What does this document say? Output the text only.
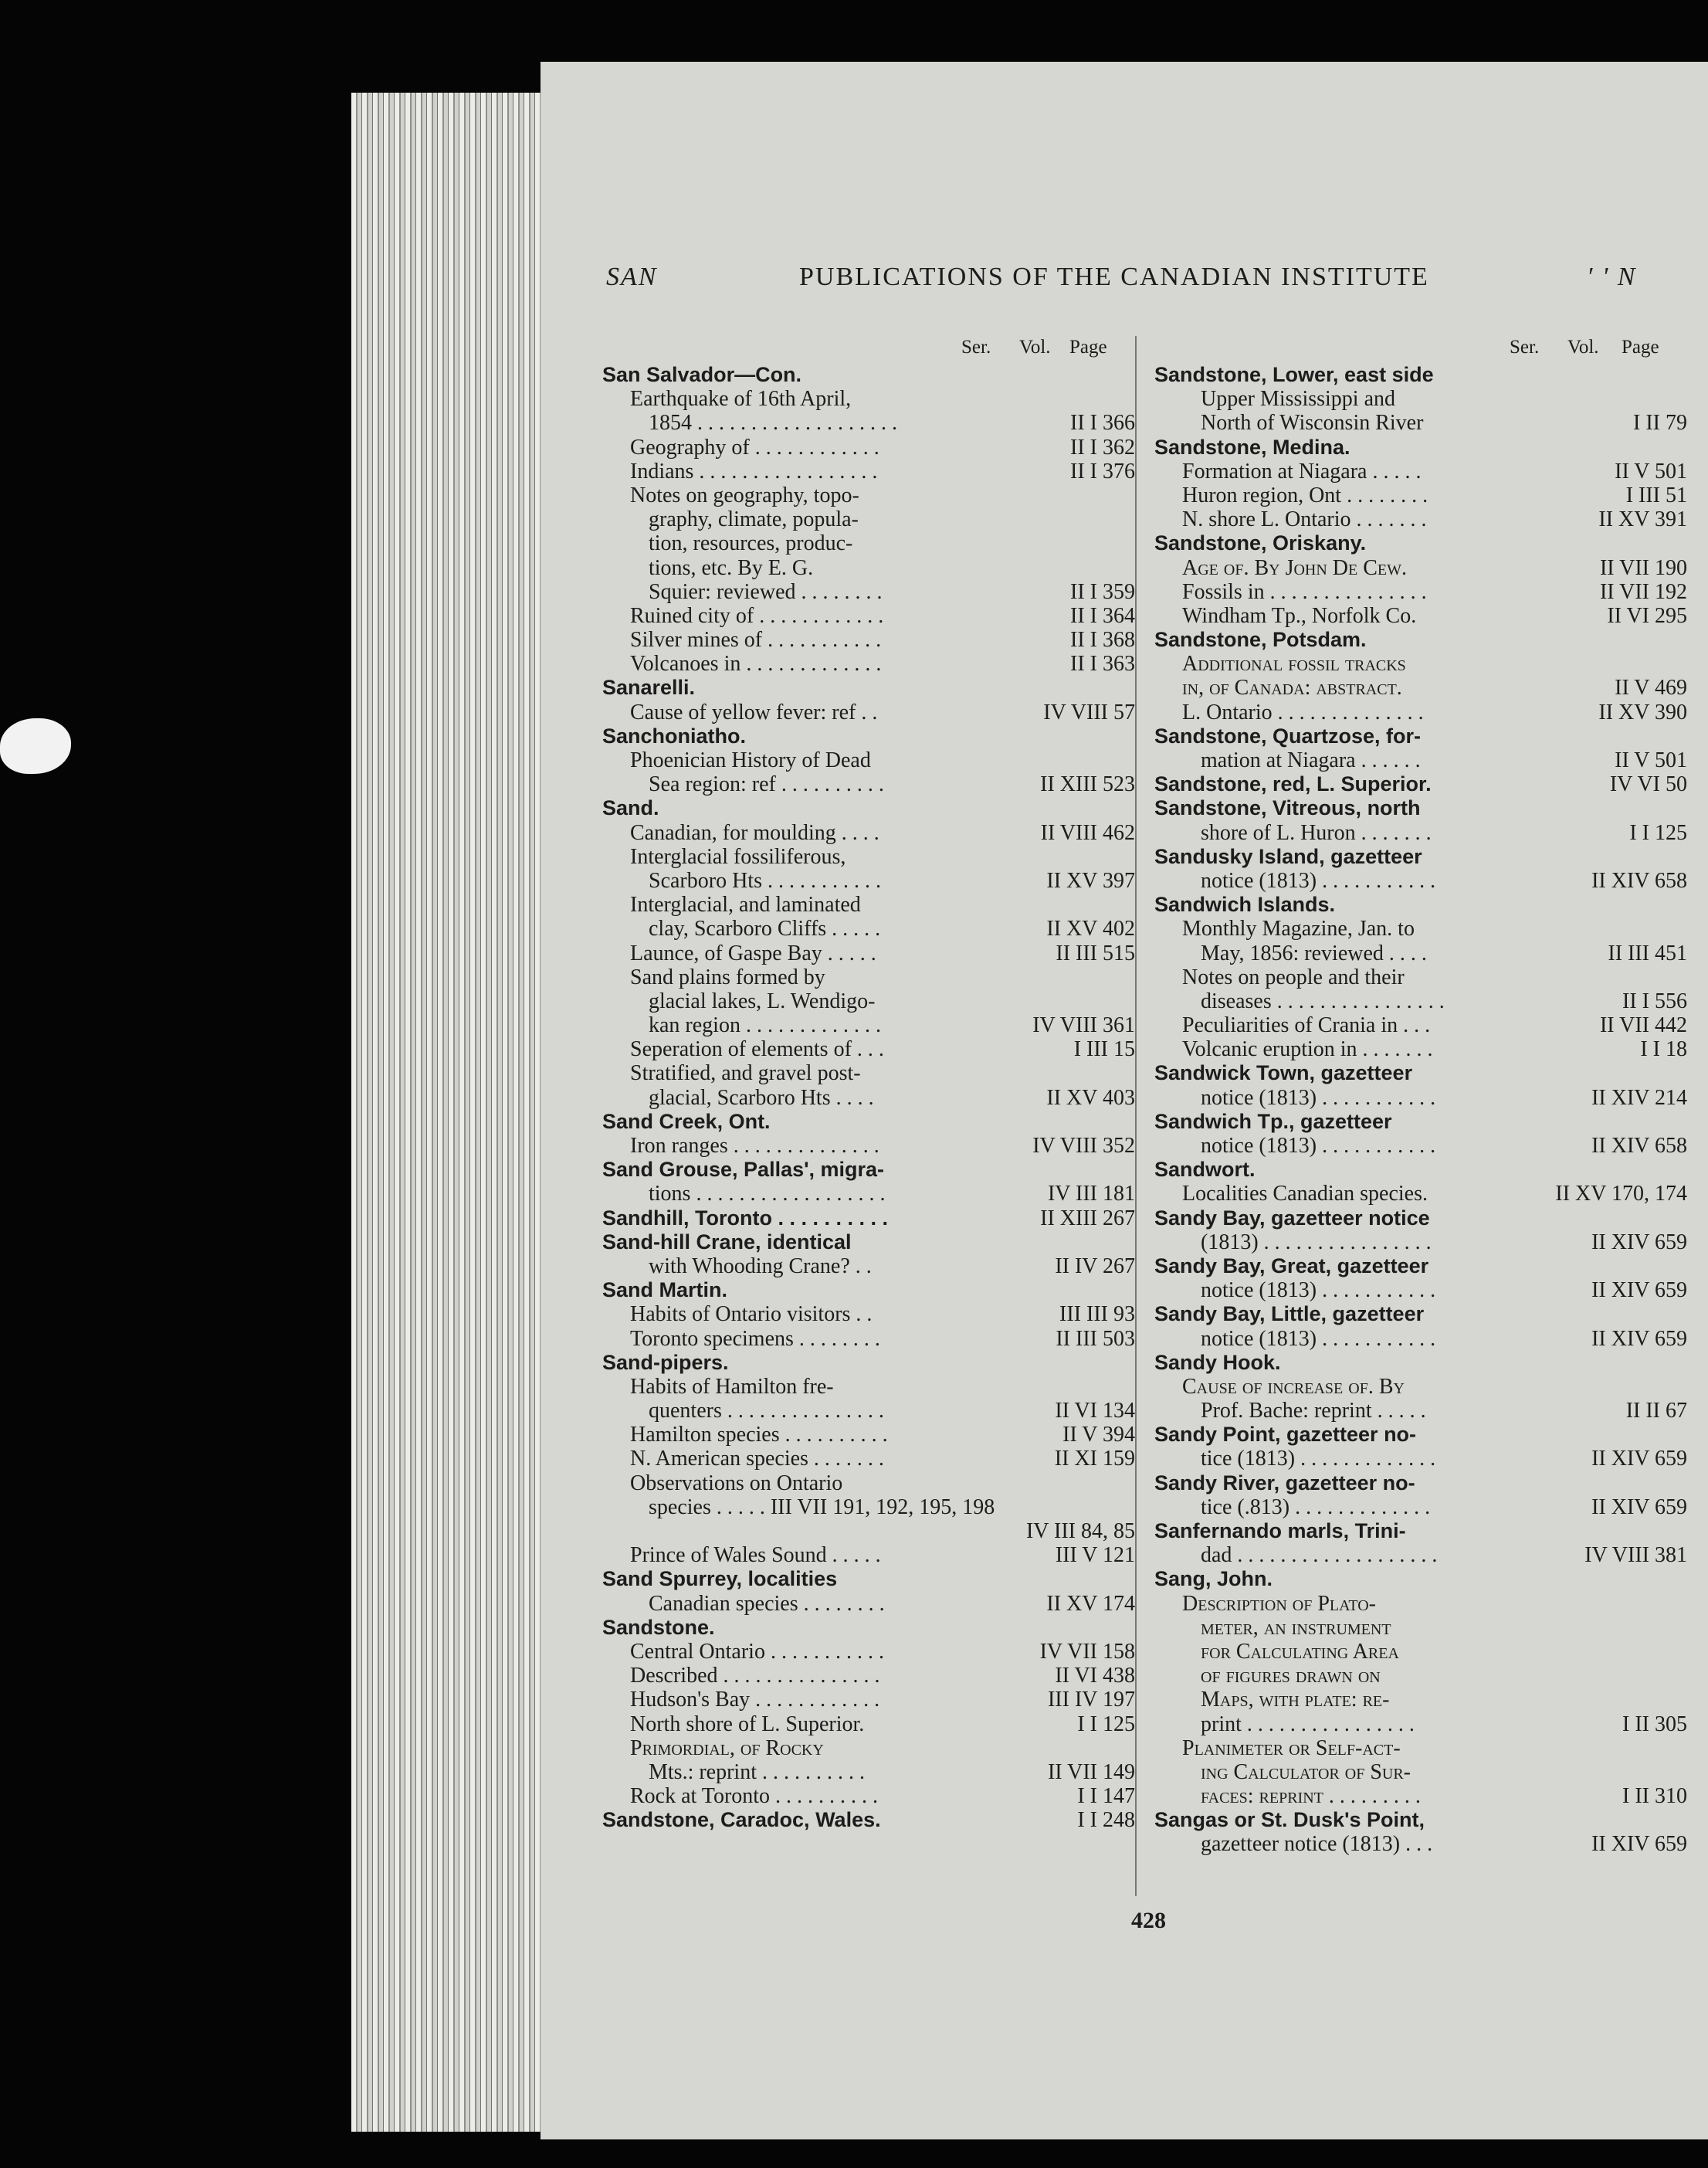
SAN	PUBLICATIONS OF THE CANADIAN INSTITUTE	′ ' N
Ser. Vol. Page
San Salvador—Con.
Earthquake of 16th April,
1854 . . . . . . . . . . . . . . . . . . .	II I 366
Geography of . . . . . . . . . . . .	II I 362
Indians . . . . . . . . . . . . . . . . .	II I 376
Notes on geography, topo-
graphy, climate, popula-
tion, resources, produc-
tions, etc. By E. G.
Squier: reviewed . . . . . . . .	II I 359
Ruined city of . . . . . . . . . . . .	II I 364
Silver mines of . . . . . . . . . . .	II I 368
Volcanoes in . . . . . . . . . . . . .	II I 363
Sanarelli.
Cause of yellow fever: ref . .	IV VIII 57
Sanchoniatho.
Phoenician History of Dead
Sea region: ref . . . . . . . . . .	II XIII 523
Sand.
Canadian, for moulding . . . .	II VIII 462
Interglacial fossiliferous,
Scarboro Hts . . . . . . . . . . .	II XV 397
Interglacial, and laminated
clay, Scarboro Cliffs . . . . .	II XV 402
Launce, of Gaspe Bay . . . . .	II III 515
Sand plains formed by
glacial lakes, L. Wendigo-
kan region . . . . . . . . . . . . .	IV VIII 361
Seperation of elements of . . .	I III 15
Stratified, and gravel post-
glacial, Scarboro Hts . . . .	II XV 403
Sand Creek, Ont.
Iron ranges . . . . . . . . . . . . . .	IV VIII 352
Sand Grouse, Pallas', migra-
tions . . . . . . . . . . . . . . . . . .	IV III 181
Sandhill, Toronto . . . . . . . . . .	II XIII 267
Sand-hill Crane, identical
with Whooding Crane? . .	II IV 267
Sand Martin.
Habits of Ontario visitors . .	III III 93
Toronto specimens . . . . . . . .	II III 503
Sand-pipers.
Habits of Hamilton fre-
quenters . . . . . . . . . . . . . . .	II VI 134
Hamilton species . . . . . . . . . .	II V 394
N. American species . . . . . . .	II XI 159
Observations on Ontario
species . . . . . III VII 191, 192, 195, 198
IV III 84, 85
Prince of Wales Sound . . . . .	III V 121
Sand Spurrey, localities
Canadian species . . . . . . . .	II XV 174
Sandstone.
Central Ontario . . . . . . . . . . .	IV VII 158
Described . . . . . . . . . . . . . . .	II VI 438
Hudson's Bay . . . . . . . . . . . .	III IV 197
North shore of L. Superior.	I I 125
Primordial, of Rocky
Mts.: reprint . . . . . . . . . .	II VII 149
Rock at Toronto . . . . . . . . . .	I I 147
Sandstone, Caradoc, Wales.	I I 248
Ser. Vol. Page
Sandstone, Lower, east side
Upper Mississippi and
North of Wisconsin River	I II 79
Sandstone, Medina.
Formation at Niagara . . . . .	II V 501
Huron region, Ont . . . . . . . .	I III 51
N. shore L. Ontario . . . . . . .	II XV 391
Sandstone, Oriskany.
Age of. By John De Cew.	II VII 190
Fossils in . . . . . . . . . . . . . . .	II VII 192
Windham Tp., Norfolk Co.	II VI 295
Sandstone, Potsdam.
Additional fossil tracks
in, of Canada: abstract.	II V 469
L. Ontario . . . . . . . . . . . . . .	II XV 390
Sandstone, Quartzose, for-
mation at Niagara . . . . . .	II V 501
Sandstone, red, L. Superior.	IV VI 50
Sandstone, Vitreous, north
shore of L. Huron . . . . . . .	I I 125
Sandusky Island, gazetteer
notice (1813) . . . . . . . . . . .	II XIV 658
Sandwich Islands.
Monthly Magazine, Jan. to
May, 1856: reviewed . . . .	II III 451
Notes on people and their
diseases . . . . . . . . . . . . . . . .	II I 556
Peculiarities of Crania in . . .	II VII 442
Volcanic eruption in . . . . . . .	I I 18
Sandwick Town, gazetteer
notice (1813) . . . . . . . . . . .	II XIV 214
Sandwich Tp., gazetteer
notice (1813) . . . . . . . . . . .	II XIV 658
Sandwort.
Localities Canadian species.	II XV 170, 174
Sandy Bay, gazetteer notice
(1813) . . . . . . . . . . . . . . . .	II XIV 659
Sandy Bay, Great, gazetteer
notice (1813) . . . . . . . . . . .	II XIV 659
Sandy Bay, Little, gazetteer
notice (1813) . . . . . . . . . . .	II XIV 659
Sandy Hook.
Cause of increase of. By
Prof. Bache: reprint . . . . .	II II 67
Sandy Point, gazetteer no-
tice (1813) . . . . . . . . . . . . .	II XIV 659
Sandy River, gazetteer no-
tice (.813) . . . . . . . . . . . . .	II XIV 659
Sanfernando marls, Trini-
dad . . . . . . . . . . . . . . . . . . .	IV VIII 381
Sang, John.
Description of Plato-
meter, an instrument
for Calculating Area
of figures drawn on
Maps, with plate: re-
print . . . . . . . . . . . . . . . .	I II 305
Planimeter or Self-act-
ing Calculator of Sur-
faces: reprint . . . . . . . . .	I II 310
Sangas or St. Dusk's Point,
gazetteer notice (1813) . . .	II XIV 659
428
